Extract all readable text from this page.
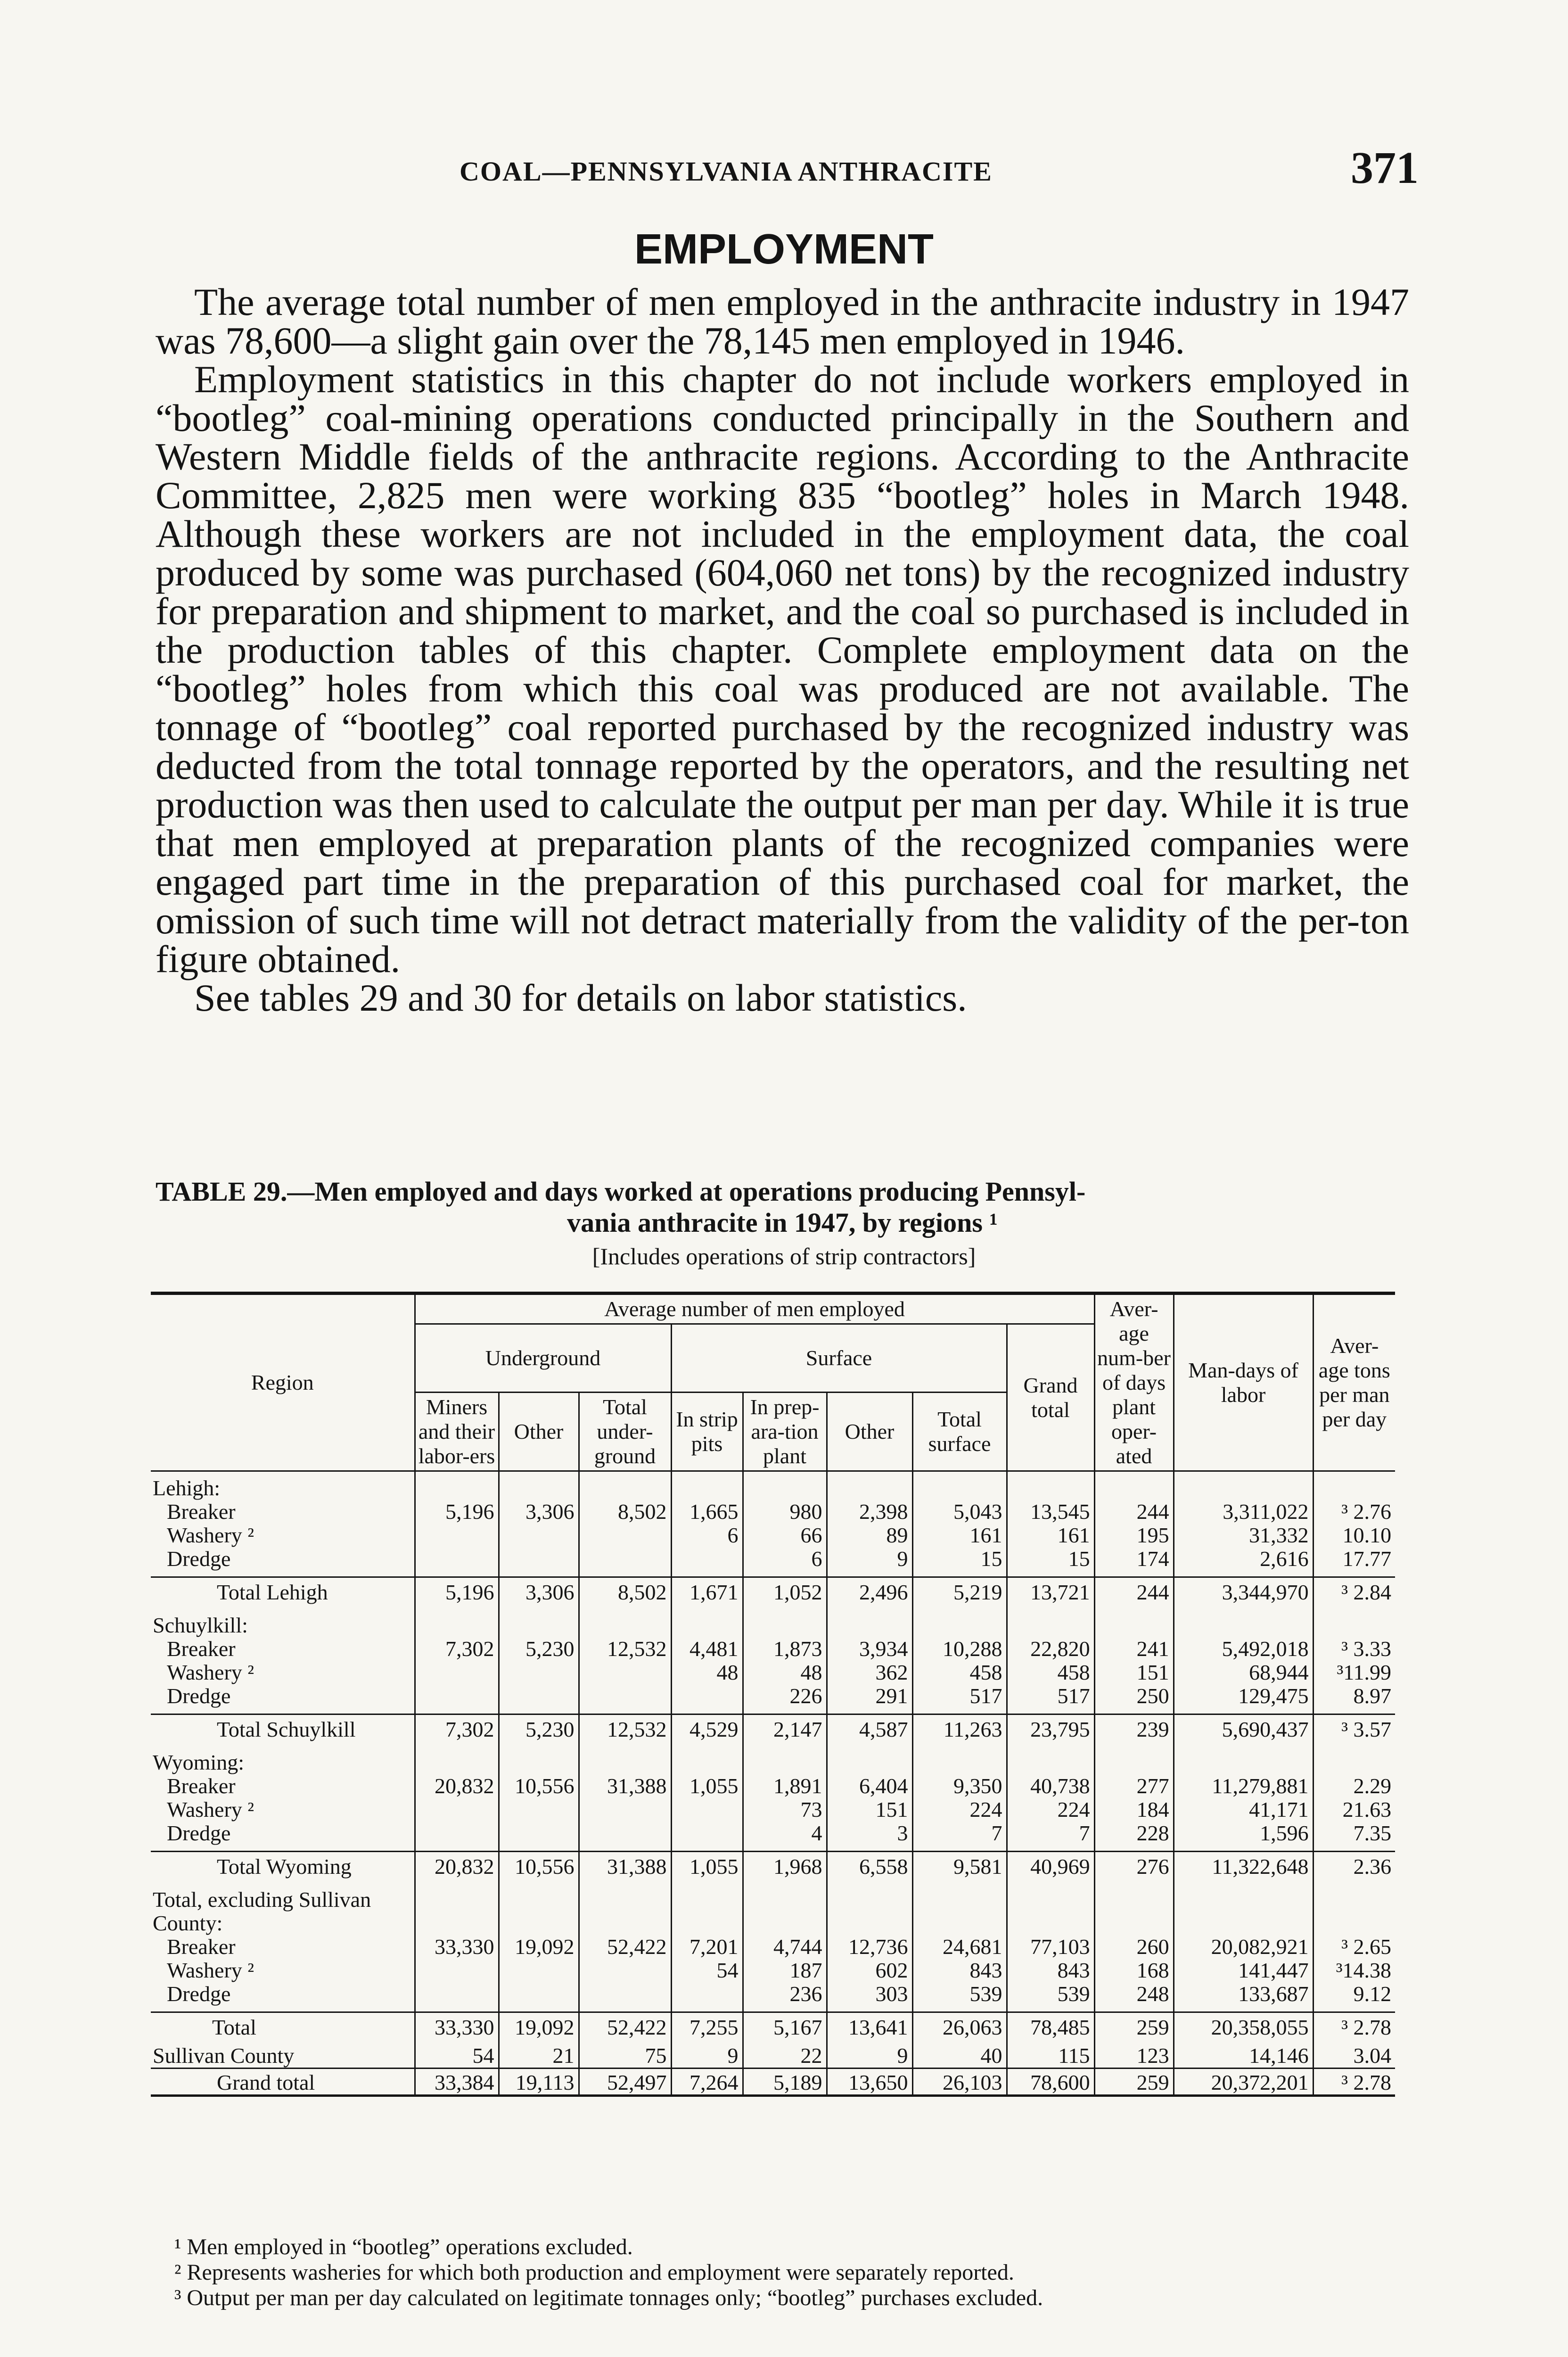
COAL—PENNSYLVANIA ANTHRACITE	371
EMPLOYMENT

The average total number of men employed in the anthracite industry in 1947 was 78,600—a slight gain over the 78,145 men employed in 1946.

Employment statistics in this chapter do not include workers employed in “bootleg” coal-mining operations conducted principally in the Southern and Western Middle fields of the anthracite regions. According to the Anthracite Committee, 2,825 men were working 835 “bootleg” holes in March 1948. Although these workers are not included in the employment data, the coal produced by some was purchased (604,060 net tons) by the recognized industry for preparation and shipment to market, and the coal so purchased is included in the production tables of this chapter. Complete employment data on the “bootleg” holes from which this coal was produced are not available. The tonnage of “bootleg” coal reported purchased by the recognized industry was deducted from the total tonnage reported by the operators, and the resulting net production was then used to calculate the output per man per day. While it is true that men employed at preparation plants of the recognized companies were engaged part time in the preparation of this purchased coal for market, the omission of such time will not detract materially from the validity of the per-ton figure obtained.

See tables 29 and 30 for details on labor statistics.

TABLE 29.—Men employed and days worked at operations producing Pennsyl-
vania anthracite in 1947, by regions ¹
[Includes operations of strip contractors]
Region	Average number of men employed								Aver-age num-ber of days plant oper-ated	Man-days of labor	Aver-age tons per man per day
	Underground			Surface				Grand total			
	Miners and their labor-ers	Other	Total under-ground	In strip pits	In prep-ara-tion plant	Other	Total surface				
Lehigh:											
Breaker	5,196	3,306	8,502	1,665	980	2,398	5,043	13,545	244	3,311,022	³ 2.76
Washery ²				6	66	89	161	161	195	31,332	10.10
Dredge					6	9	15	15	174	2,616	17.77
Total Lehigh	5,196	3,306	8,502	1,671	1,052	2,496	5,219	13,721	244	3,344,970	³ 2.84
Schuylkill:											
Breaker	7,302	5,230	12,532	4,481	1,873	3,934	10,288	22,820	241	5,492,018	³ 3.33
Washery ²				48	48	362	458	458	151	68,944	³11.99
Dredge					226	291	517	517	250	129,475	8.97
Total Schuylkill	7,302	5,230	12,532	4,529	2,147	4,587	11,263	23,795	239	5,690,437	³ 3.57
Wyoming:											
Breaker	20,832	10,556	31,388	1,055	1,891	6,404	9,350	40,738	277	11,279,881	2.29
Washery ²					73	151	224	224	184	41,171	21.63
Dredge					4	3	7	7	228	1,596	7.35
Total Wyoming	20,832	10,556	31,388	1,055	1,968	6,558	9,581	40,969	276	11,322,648	2.36
Total, excluding Sullivan County:											
Breaker	33,330	19,092	52,422	7,201	4,744	12,736	24,681	77,103	260	20,082,921	³ 2.65
Washery ²				54	187	602	843	843	168	141,447	³14.38
Dredge					236	303	539	539	248	133,687	9.12
Total	33,330	19,092	52,422	7,255	5,167	13,641	26,063	78,485	259	20,358,055	³ 2.78
Sullivan County	54	21	75	9	22	9	40	115	123	14,146	3.04
Grand total	33,384	19,113	52,497	7,264	5,189	13,650	26,103	78,600	259	20,372,201	³ 2.78
¹ Men employed in “bootleg” operations excluded.
² Represents washeries for which both production and employment were separately reported.
³ Output per man per day calculated on legitimate tonnages only; “bootleg” purchases excluded.
